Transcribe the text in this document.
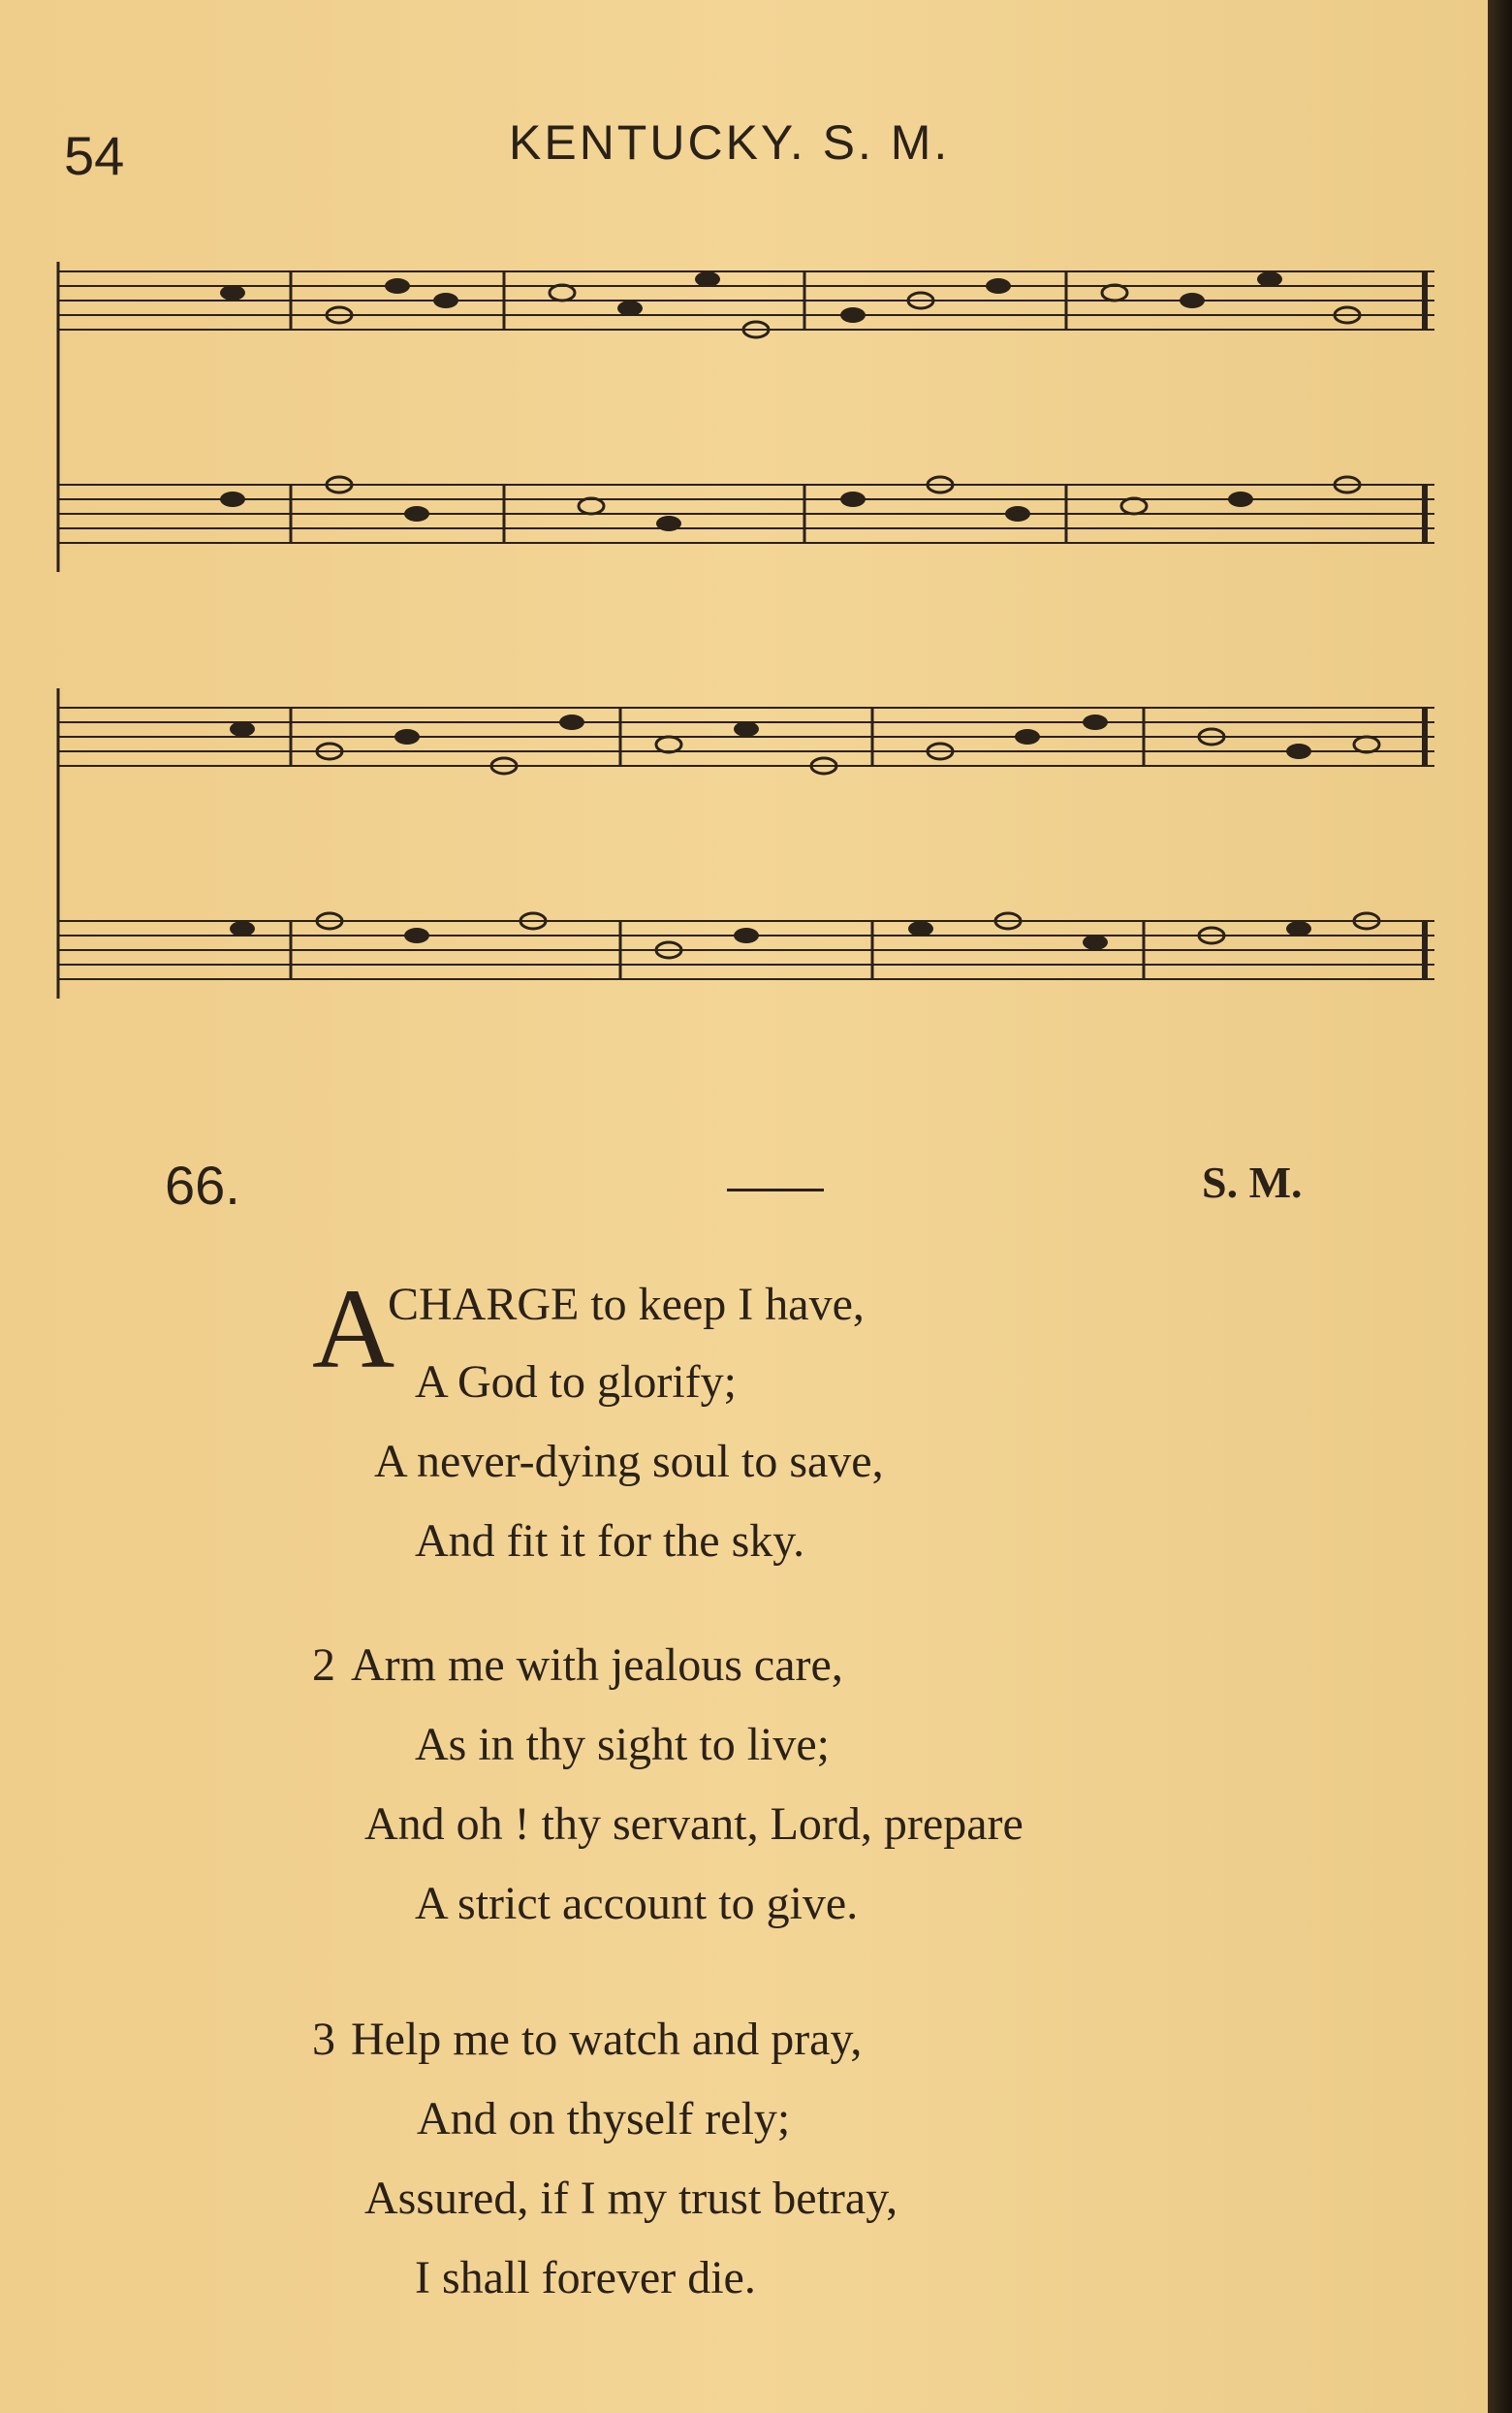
54	KENTUCKY. S. M.
66.	S. M.
A
CHARGE to keep I have,
A God to glorify;
A never-dying soul to save,
And fit it for the sky.
2 Arm me with jealous care,
As in thy sight to live;
And oh ! thy servant, Lord, prepare
A strict account to give.
3 Help me to watch and pray,
And on thyself rely;
Assured, if I my trust betray,
I shall forever die.
